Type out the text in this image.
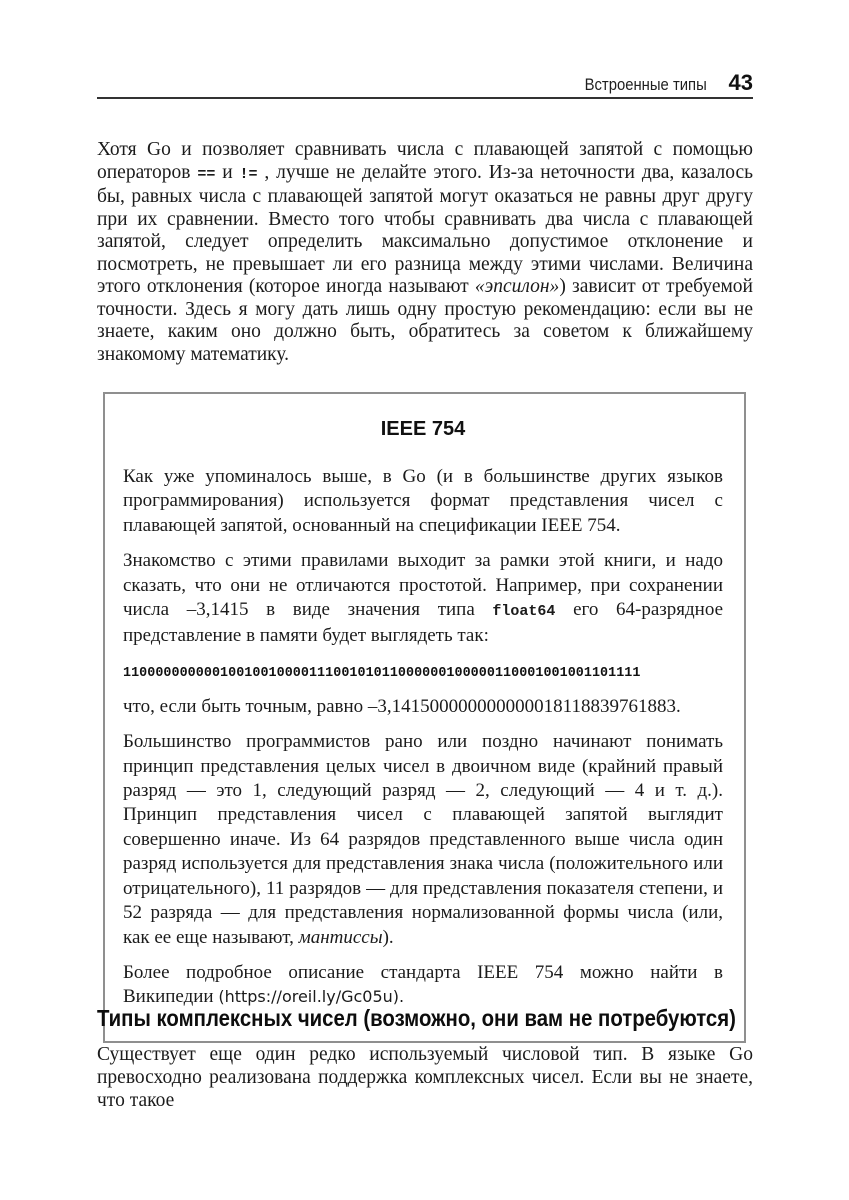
Встроенные типы 43

Хотя Go и позволяет сравнивать числа с плавающей запятой с помощью операторов == и != , лучше не делайте этого. Из-за неточности два, казалось бы, равных числа с плавающей запятой могут оказаться не равны друг другу при их сравнении. Вместо того чтобы сравнивать два числа с плавающей запятой, следует определить максимально допустимое отклонение и посмотреть, не превышает ли его разница между этими числами. Величина этого отклонения (которое иногда называют «эпсилон») зависит от требуемой точности. Здесь я могу дать лишь одну простую рекомендацию: если вы не знаете, каким оно должно быть, обратитесь за советом к ближайшему знакомому математику.

IEEE 754

Как уже упоминалось выше, в Go (и в большинстве других языков программирования) используется формат представления чисел с плавающей запятой, основанный на спецификации IEEE 754.

Знакомство с этими правилами выходит за рамки этой книги, и надо сказать, что они не отличаются простотой. Например, при сохранении числа –3,1415 в виде значения типа float64 его 64-разрядное представление в памяти будет выглядеть так:

1100000000001001001000011100101011000000100000110001001001101111

что, если быть точным, равно –3,141500000000000018118839761883.

Большинство программистов рано или поздно начинают понимать принцип представления целых чисел в двоичном виде (крайний правый разряд — это 1, следующий разряд — 2, следующий — 4 и т. д.). Принцип представления чисел с плавающей запятой выглядит совершенно иначе. Из 64 разрядов представленного выше числа один разряд используется для представления знака числа (положительного или отрицательного), 11 разрядов — для представления показателя степени, и 52 разряда — для представления нормализованной формы числа (или, как ее еще называют, мантиссы).

Более подробное описание стандарта IEEE 754 можно найти в Википедии (https://oreil.ly/Gc05u).

Типы комплексных чисел (возможно, они вам не потребуются)

Существует еще один редко используемый числовой тип. В языке Go превосходно реализована поддержка комплексных чисел. Если вы не знаете, что такое
